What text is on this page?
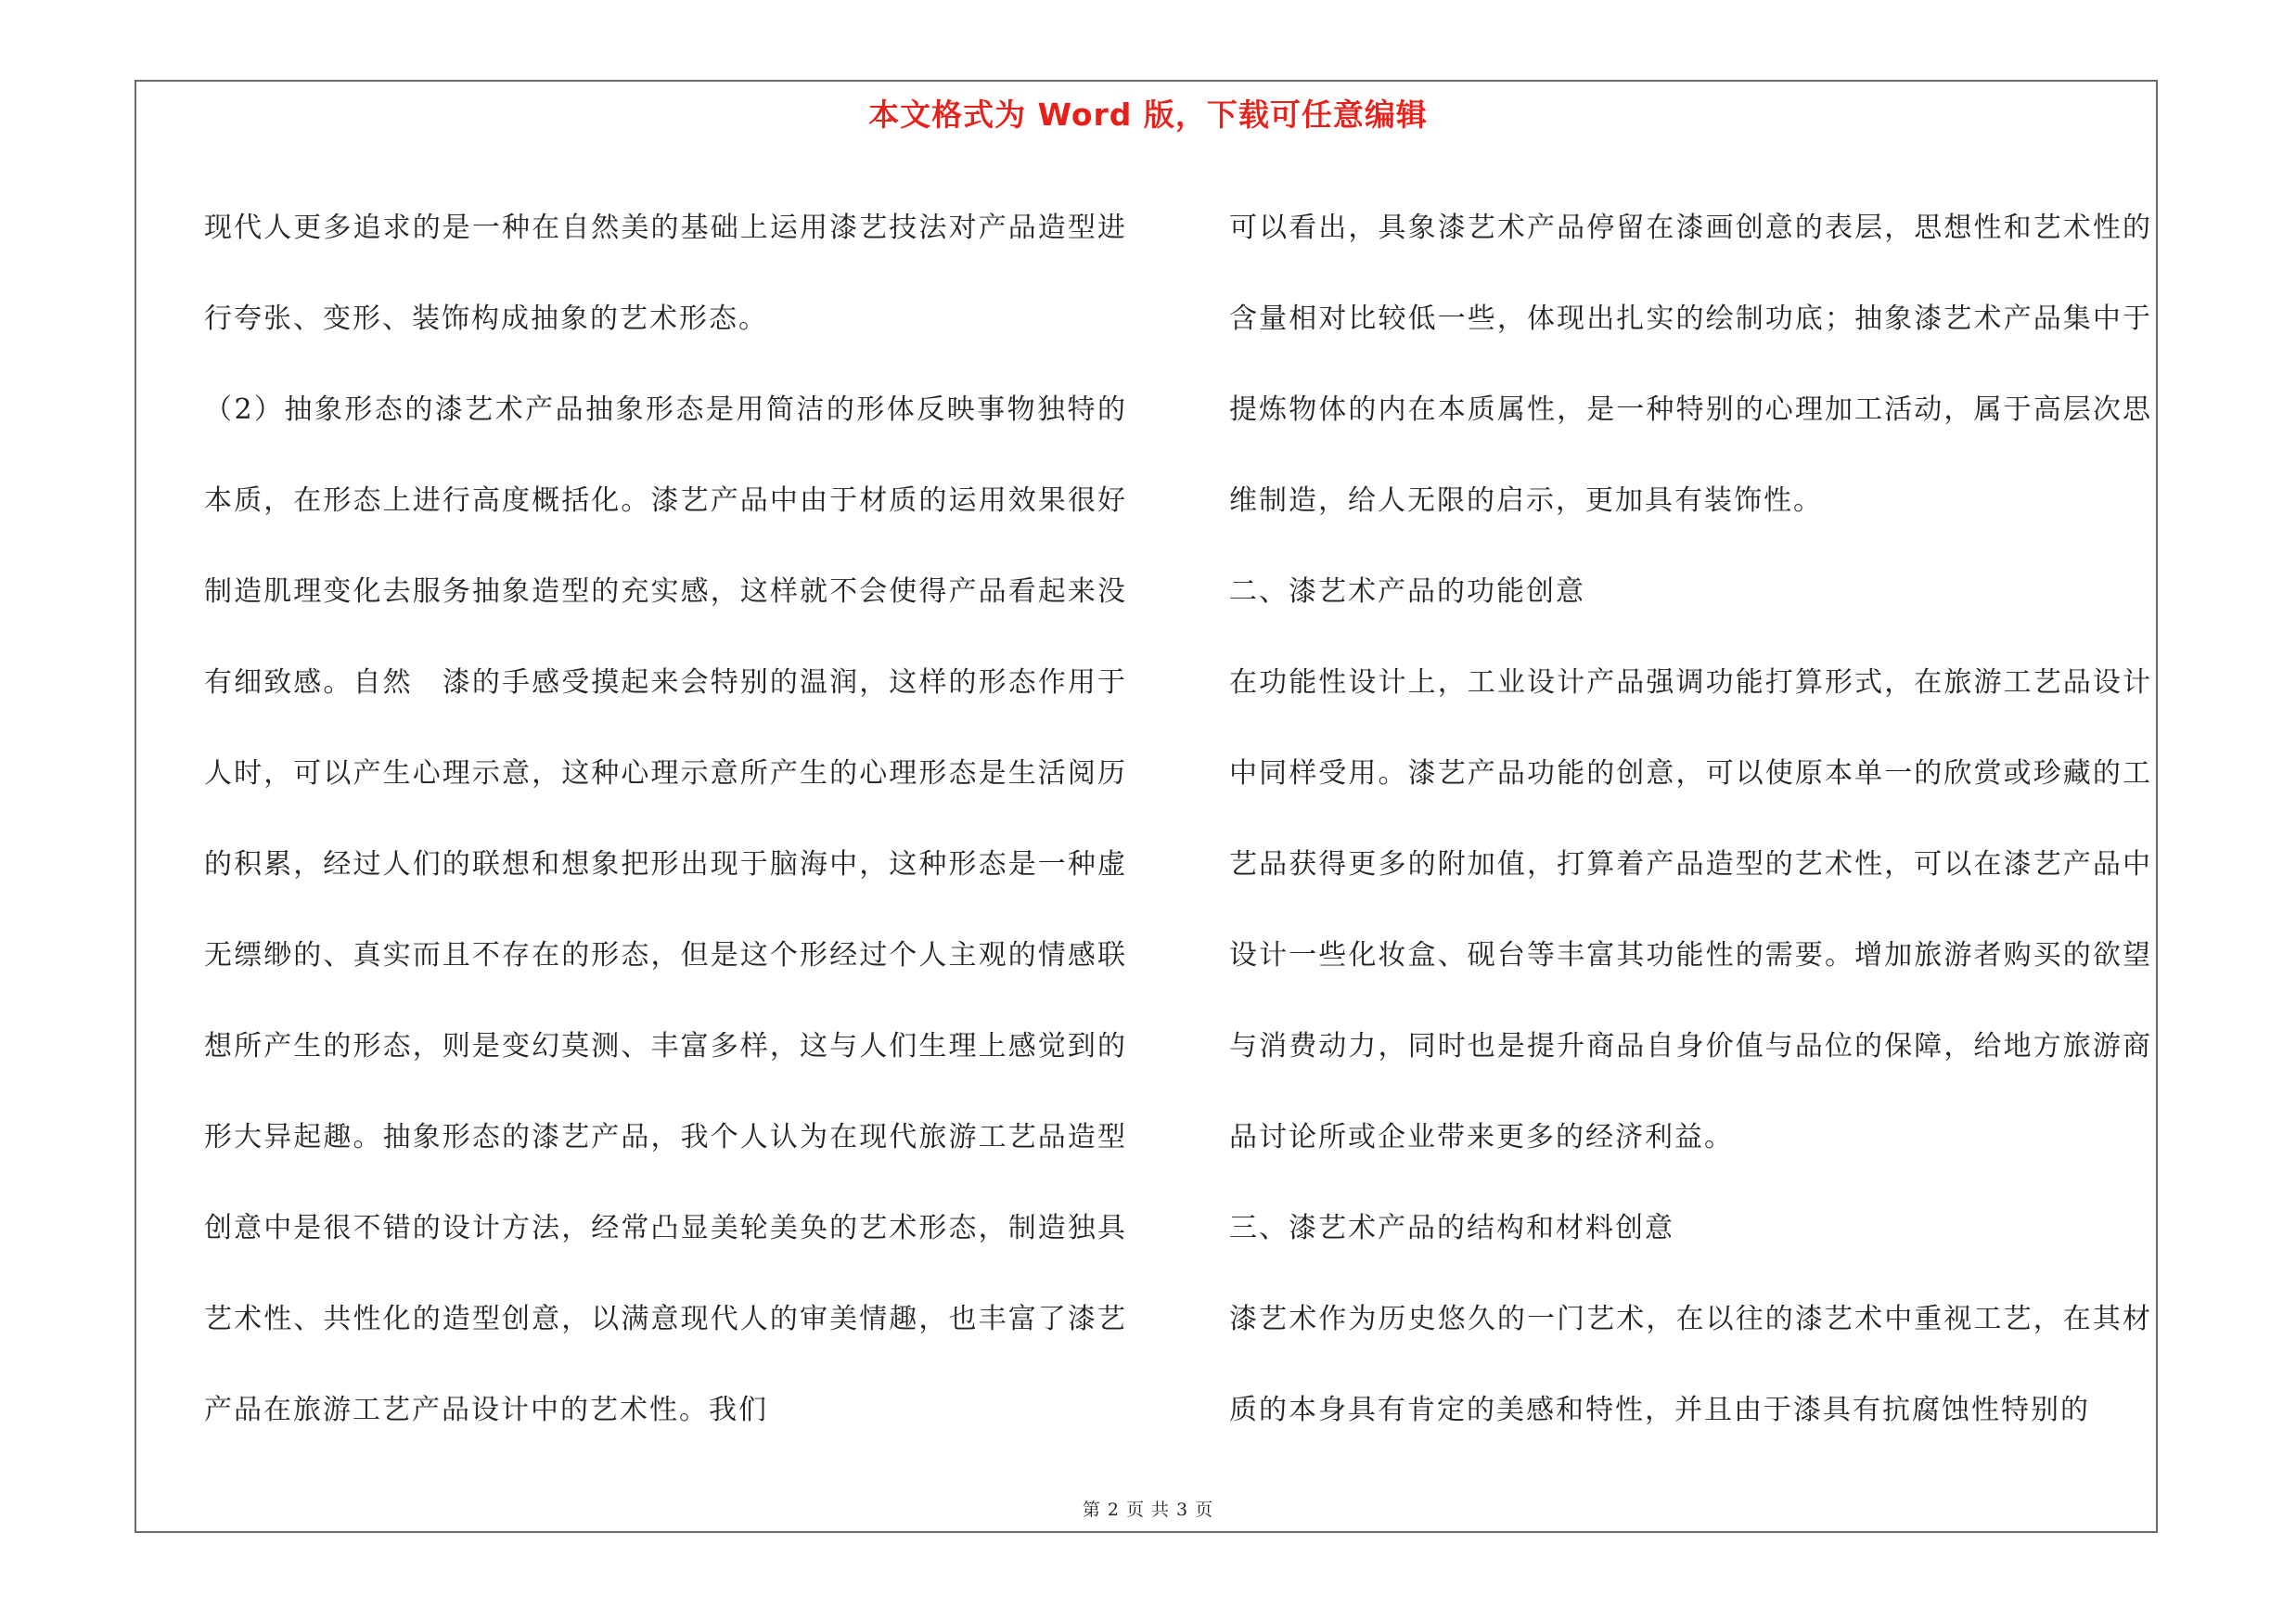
本文格式为 Word 版，下载可任意编辑

现代人更多追求的是一种在自然美的基础上运用漆艺技法对产品造型进行夸张、变形、装饰构成抽象的艺术形态。

（2）抽象形态的漆艺术产品抽象形态是用简洁的形体反映事物独特的本质，在形态上进行高度概括化。漆艺产品中由于材质的运用效果很好制造肌理变化去服务抽象造型的充实感，这样就不会使得产品看起来没有细致感。自然　漆的手感受摸起来会特别的温润，这样的形态作用于人时，可以产生心理示意，这种心理示意所产生的心理形态是生活阅历的积累，经过人们的联想和想象把形出现于脑海中，这种形态是一种虚无缥缈的、真实而且不存在的形态，但是这个形经过个人主观的情感联想所产生的形态，则是变幻莫测、丰富多样，这与人们生理上感觉到的形大异起趣。抽象形态的漆艺产品，我个人认为在现代旅游工艺品造型创意中是很不错的设计方法，经常凸显美轮美奂的艺术形态，制造独具艺术性、共性化的造型创意，以满意现代人的审美情趣，也丰富了漆艺产品在旅游工艺产品设计中的艺术性。我们

可以看出，具象漆艺术产品停留在漆画创意的表层，思想性和艺术性的含量相对比较低一些，体现出扎实的绘制功底；抽象漆艺术产品集中于提炼物体的内在本质属性，是一种特别的心理加工活动，属于高层次思维制造，给人无限的启示，更加具有装饰性。

二、漆艺术产品的功能创意

在功能性设计上，工业设计产品强调功能打算形式，在旅游工艺品设计中同样受用。漆艺产品功能的创意，可以使原本单一的欣赏或珍藏的工艺品获得更多的附加值，打算着产品造型的艺术性，可以在漆艺产品中设计一些化妆盒、砚台等丰富其功能性的需要。增加旅游者购买的欲望与消费动力，同时也是提升商品自身价值与品位的保障，给地方旅游商品讨论所或企业带来更多的经济利益。

三、漆艺术产品的结构和材料创意

漆艺术作为历史悠久的一门艺术，在以往的漆艺术中重视工艺，在其材质的本身具有肯定的美感和特性，并且由于漆具有抗腐蚀性特别的

第 2 页 共 3 页
